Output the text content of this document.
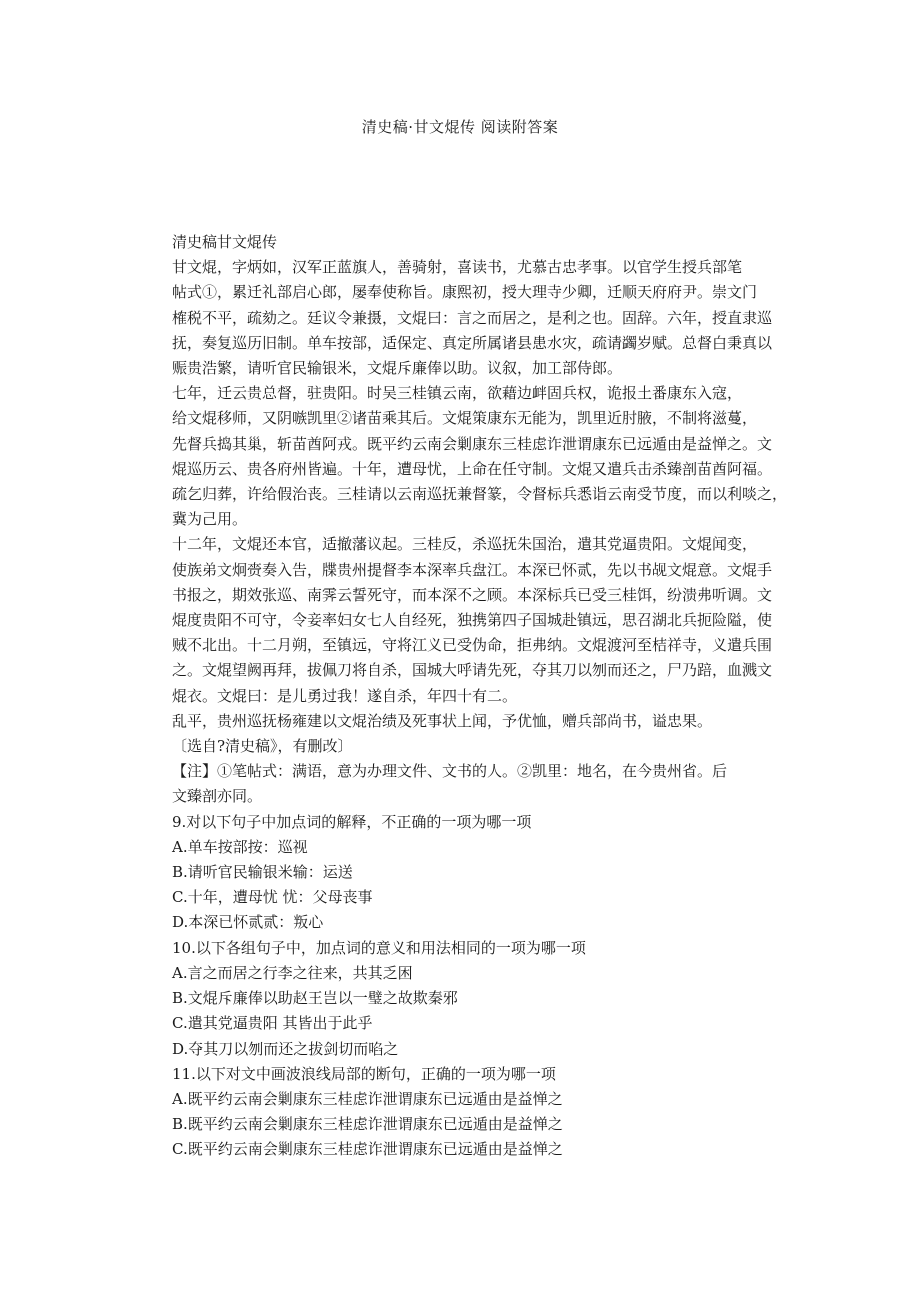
清史稿·甘文焜传 阅读附答案

清史稿甘文焜传

甘文焜，字炳如，汉军正蓝旗人，善骑射，喜读书，尤慕古忠孝事。以官学生授兵部笔
帖式①，累迁礼部启心郎，屡奉使称旨。康熙初，授大理寺少卿，迁顺天府府尹。崇文门
榷税不平，疏劾之。廷议令兼摄，文焜曰：言之而居之，是利之也。固辞。六年，授直隶巡
抚，奏复巡历旧制。单车按部，适保定、真定所属诸县患水灾，疏请蠲岁赋。总督白秉真以
赈贵浩繁，请听官民输银米，文焜斥廉俸以助。议叙，加工部侍郎。

七年，迁云贵总督，驻贵阳。时吴三桂镇云南，欲藉边衅固兵权，诡报土番康东入寇，
给文焜移师，又阴嗾凯里②诸苗乘其后。文焜策康东无能为，凯里近肘腋，不制将滋蔓，
先督兵捣其巢，斩苗酋阿戎。既平约云南会剿康东三桂虑诈泄谓康东已远遁由是益惮之。文
焜巡历云、贵各府州皆遍。十年，遭母忧，上命在任守制。文焜又遣兵击杀臻剖苗酋阿福。
疏乞归葬，许给假治丧。三桂请以云南巡抚兼督篆，令督标兵悉诣云南受节度，而以利啖之，
冀为己用。

十二年，文焜还本官，适撤藩议起。三桂反，杀巡抚朱国治，遣其党逼贵阳。文焜闻变，
使族弟文炯赍奏入告，牒贵州提督李本深率兵盘江。本深已怀贰，先以书觇文焜意。文焜手
书报之，期效张巡、南霁云誓死守，而本深不之顾。本深标兵已受三桂饵，纷溃弗听调。文
焜度贵阳不可守，令妾率妇女七人自经死，独携第四子国城赴镇远，思召湖北兵扼险隘，使
贼不北出。十二月朔，至镇远，守将江义已受伪命，拒弗纳。文焜渡河至桔祥寺，义遣兵围
之。文焜望阙再拜，拔佩刀将自杀，国城大呼请先死，夺其刀以刎而还之，尸乃踣，血溅文
焜衣。文焜曰：是儿勇过我！遂自杀，年四十有二。

乱平，贵州巡抚杨雍建以文焜治绩及死事状上闻，予优恤，赠兵部尚书，谥忠果。

〔选自?清史稿》，有删改〕

【注】①笔帖式：满语，意为办理文件、文书的人。②凯里：地名，在今贵州省。后
文臻剖亦同。

9.对以下句子中加点词的解释，不正确的一项为哪一项
A.单车按部按：巡视
B.请听官民输银米输：运送
C.十年，遭母忧 忧：父母丧事
D.本深已怀贰贰：叛心
10.以下各组句子中，加点词的意义和用法相同的一项为哪一项
A.言之而居之行李之往来，共其乏困
B.文焜斥廉俸以助赵王岂以一璧之故欺秦邪
C.遣其党逼贵阳 其皆出于此乎
D.夺其刀以刎而还之拔剑切而啗之
11.以下对文中画波浪线局部的断句，正确的一项为哪一项
A.既平约云南会剿康东三桂虑诈泄谓康东已远遁由是益惮之
B.既平约云南会剿康东三桂虑诈泄谓康东已远遁由是益惮之
C.既平约云南会剿康东三桂虑诈泄谓康东已远遁由是益惮之
